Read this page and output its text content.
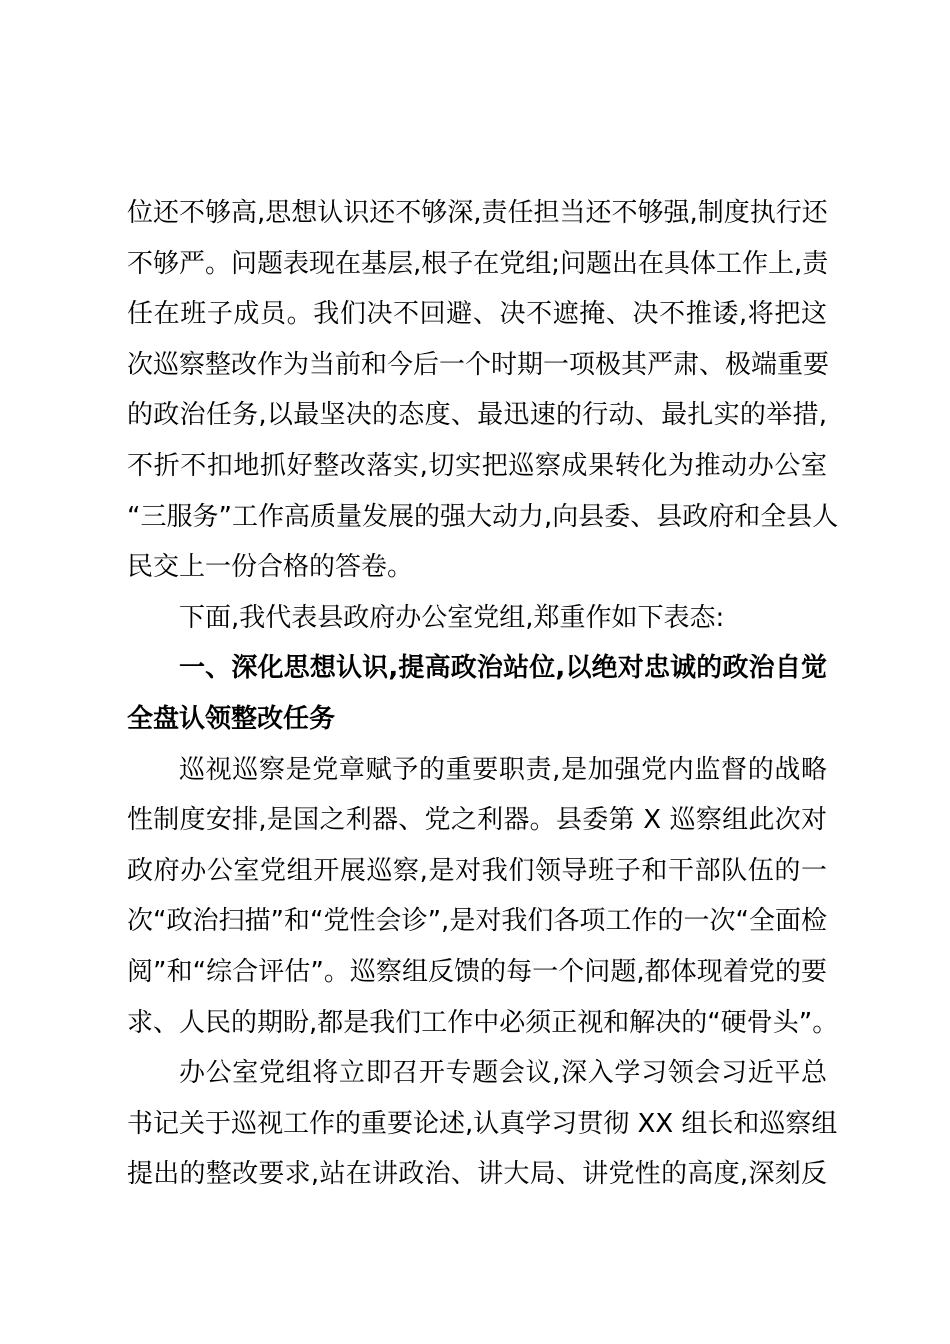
位还不够高,思想认识还不够深,责任担当还不够强,制度执行还
不够严。问题表现在基层,根子在党组;问题出在具体工作上,责
任在班子成员。我们决不回避、决不遮掩、决不推诿,将把这
次巡察整改作为当前和今后一个时期一项极其严肃、极端重要
的政治任务,以最坚决的态度、最迅速的行动、最扎实的举措,
不折不扣地抓好整改落实,切实把巡察成果转化为推动办公室
“三服务”工作高质量发展的强大动力,向县委、县政府和全县人
民交上一份合格的答卷。
下面,我代表县政府办公室党组,郑重作如下表态:
一、深化思想认识,提高政治站位,以绝对忠诚的政治自觉
全盘认领整改任务
巡视巡察是党章赋予的重要职责,是加强党内监督的战略
性制度安排,是国之利器、党之利器。县委第 X 巡察组此次对
政府办公室党组开展巡察,是对我们领导班子和干部队伍的一
次“政治扫描”和“党性会诊”,是对我们各项工作的一次“全面检
阅”和“综合评估”。巡察组反馈的每一个问题,都体现着党的要
求、人民的期盼,都是我们工作中必须正视和解决的“硬骨头”。
办公室党组将立即召开专题会议,深入学习领会习近平总
书记关于巡视工作的重要论述,认真学习贯彻 XX 组长和巡察组
提出的整改要求,站在讲政治、讲大局、讲党性的高度,深刻反
